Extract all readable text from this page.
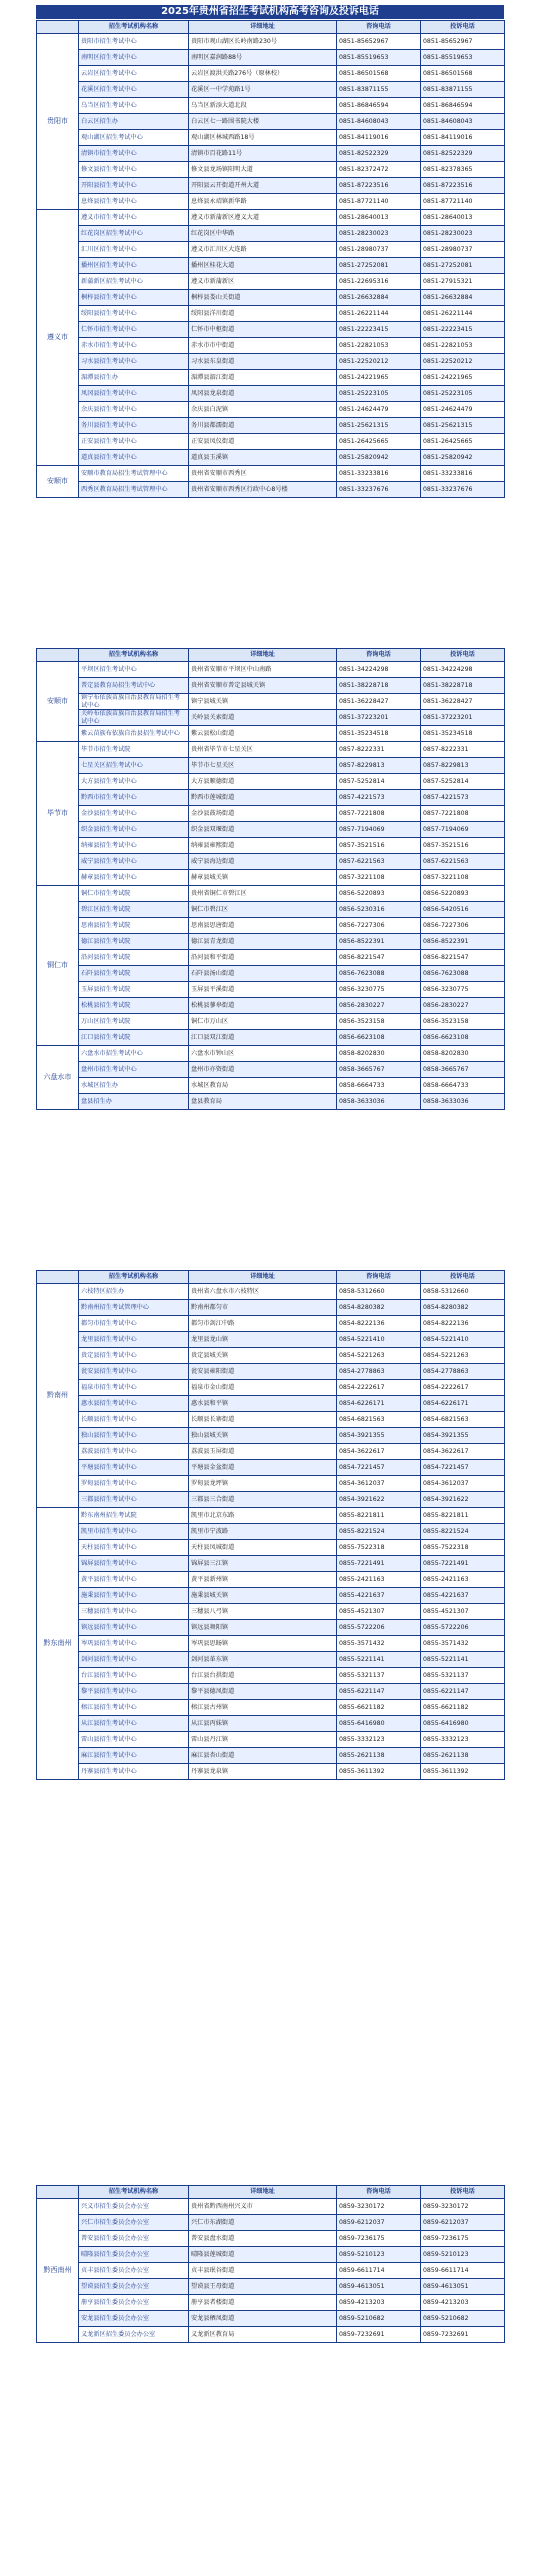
2025年贵州省招生考试机构高考咨询及投诉电话
	招生考试机构名称	详细地址	咨询电话	投诉电话
贵阳市	贵阳市招生考试中心	贵阳市观山湖区长岭南路230号	0851-85652967	0851-85652967
	南明区招生考试中心	南明区嘉润路88号	0851-85519653	0851-85519653
	云岩区招生考试中心	云岩区渡洪关路276号（原林校）	0851-86501568	0851-86501568
	花溪区招生考试中心	花溪区一中学苑路1号	0851-83871155	0851-83871155
	乌当区招生考试中心	乌当区新添大道北段	0851-86846594	0851-86846594
	白云区招生办	白云区七一路围书院大楼	0851-84608043	0851-84608043
	观山湖区招生考试中心	观山湖区林城西路18号	0851-84119016	0851-84119016
	清镇市招生考试中心	清镇市百花路11号	0851-82522329	0851-82522329
	修文县招生考试中心	修文县龙场镇阳明大道	0851-82372472	0851-82378365
	开阳县招生考试中心	开阳县云开街道开州大道	0851-87223516	0851-87223516
	息烽县招生考试中心	息烽县永靖镇新华路	0851-87721140	0851-87721140
遵义市	遵义市招生考试中心	遵义市新蒲新区遵义大道	0851-28640013	0851-28640013
	红花岗区招生考试中心	红花岗区中华路	0851-28230023	0851-28230023
	汇川区招生考试中心	遵义市汇川区大连路	0851-28980737	0851-28980737
	播州区招生考试中心	播州区桂花大道	0851-27252081	0851-27252081
	新蒲新区招生考试中心	遵义市新蒲新区	0851-22695316	0851-27915321
	桐梓县招生考试中心	桐梓县娄山关街道	0851-26632884	0851-26632884
	绥阳县招生考试中心	绥阳县洋川街道	0851-26221144	0851-26221144
	仁怀市招生考试中心	仁怀市中枢街道	0851-22223415	0851-22223415
	赤水市招生考试中心	赤水市市中街道	0851-22821053	0851-22821053
	习水县招生考试中心	习水县东皇街道	0851-22520212	0851-22520212
	湄潭县招生办	湄潭县湄江街道	0851-24221965	0851-24221965
	凤冈县招生考试中心	凤冈县龙泉街道	0851-25223105	0851-25223105
	余庆县招生考试中心	余庆县白泥镇	0851-24624479	0851-24624479
	务川县招生考试中心	务川县都濡街道	0851-25621315	0851-25621315
	正安县招生考试中心	正安县凤仪街道	0851-26425665	0851-26425665
	道真县招生考试中心	道真县玉溪镇	0851-25820942	0851-25820942
安顺市	安顺市教育局招生考试管理中心	贵州省安顺市西秀区	0851-33233816	0851-33233816
	西秀区教育局招生考试管理中心	贵州省安顺市西秀区行政中心8号楼	0851-33237676	0851-33237676
	招生考试机构名称	详细地址	咨询电话	投诉电话
安顺市	平坝区招生考试中心	贵州省安顺市平坝区中山南路	0851-34224298	0851-34224298
	普定县教育局招生考试中心	贵州省安顺市普定县城关镇	0851-38228718	0851-38228718
	镇宁布依族苗族自治县教育局招生考试中心	镇宁县城关镇	0851-36228427	0851-36228427
	关岭布依族苗族自治县教育局招生考试中心	关岭县关索街道	0851-37223201	0851-37223201
	紫云苗族布依族自治县招生考试中心	紫云县松山街道	0851-35234518	0851-35234518
毕节市	毕节市招生考试院	贵州省毕节市七星关区	0857-8222331	0857-8222331
	七星关区招生考试中心	毕节市七星关区	0857-8229813	0857-8229813
	大方县招生考试中心	大方县顺德街道	0857-5252814	0857-5252814
	黔西市招生考试中心	黔西市莲城街道	0857-4221573	0857-4221573
	金沙县招生考试中心	金沙县鼓场街道	0857-7221808	0857-7221808
	织金县招生考试中心	织金县双堰街道	0857-7194069	0857-7194069
	纳雍县招生考试中心	纳雍县雍熙街道	0857-3521516	0857-3521516
	威宁县招生考试中心	威宁县海边街道	0857-6221563	0857-6221563
	赫章县招生考试中心	赫章县城关镇	0857-3221108	0857-3221108
铜仁市	铜仁市招生考试院	贵州省铜仁市碧江区	0856-5220893	0856-5220893
	碧江区招生考试院	铜仁市碧江区	0856-5230316	0856-5420516
	思南县招生考试院	思南县思唐街道	0856-7227306	0856-7227306
	德江县招生考试院	德江县青龙街道	0856-8522391	0856-8522391
	沿河县招生考试院	沿河县和平街道	0856-8221547	0856-8221547
	石阡县招生考试院	石阡县汤山街道	0856-7623088	0856-7623088
	玉屏县招生考试院	玉屏县平溪街道	0856-3230775	0856-3230775
	松桃县招生考试院	松桃县蓼皋街道	0856-2830227	0856-2830227
	万山区招生考试院	铜仁市万山区	0856-3523158	0856-3523158
	江口县招生考试院	江口县双江街道	0856-6623108	0856-6623108
六盘水市	六盘水市招生考试中心	六盘水市钟山区	0858-8202830	0858-8202830
	盘州市招生考试中心	盘州市亦资街道	0858-3665767	0858-3665767
	水城区招生办	水城区教育局	0858-6664733	0858-6664733
	盘县招生办	盘县教育局	0858-3633036	0858-3633036
	招生考试机构名称	详细地址	咨询电话	投诉电话
黔南州	六枝特区招生办	贵州省六盘水市六枝特区	0858-5312660	0858-5312660
	黔南州招生考试管理中心	黔南州都匀市	0854-8280382	0854-8280382
	都匀市招生考试中心	都匀市剑江中路	0854-8222136	0854-8222136
	龙里县招生考试中心	龙里县龙山镇	0854-5221410	0854-5221410
	贵定县招生考试中心	贵定县城关镇	0854-5221263	0854-5221263
	瓮安县招生考试中心	瓮安县雍阳街道	0854-2778863	0854-2778863
	福泉市招生考试中心	福泉市金山街道	0854-2222617	0854-2222617
	惠水县招生考试中心	惠水县和平镇	0854-6226171	0854-6226171
	长顺县招生考试中心	长顺县长寨街道	0854-6821563	0854-6821563
	独山县招生考试中心	独山县城关镇	0854-3921355	0854-3921355
	荔波县招生考试中心	荔波县玉屏街道	0854-3622617	0854-3622617
	平塘县招生考试中心	平塘县金盆街道	0854-7221457	0854-7221457
	罗甸县招生考试中心	罗甸县龙坪镇	0854-3612037	0854-3612037
	三都县招生考试中心	三都县三合街道	0854-3921622	0854-3921622
黔东南州	黔东南州招生考试院	凯里市北京东路	0855-8221811	0855-8221811
	凯里市招生考试中心	凯里市宁波路	0855-8221524	0855-8221524
	天柱县招生考试中心	天柱县凤城街道	0855-7522318	0855-7522318
	锦屏县招生考试中心	锦屏县三江镇	0855-7221491	0855-7221491
	黄平县招生考试中心	黄平县新州镇	0855-2421163	0855-2421163
	施秉县招生考试中心	施秉县城关镇	0855-4221637	0855-4221637
	三穗县招生考试中心	三穗县八弓镇	0855-4521307	0855-4521307
	镇远县招生考试中心	镇远县舞阳镇	0855-5722206	0855-5722206
	岑巩县招生考试中心	岑巩县思旸镇	0855-3571432	0855-3571432
	剑河县招生考试中心	剑河县革东镇	0855-5221141	0855-5221141
	台江县招生考试中心	台江县台拱街道	0855-5321137	0855-5321137
	黎平县招生考试中心	黎平县德凤街道	0855-6221147	0855-6221147
	榕江县招生考试中心	榕江县古州镇	0855-6621182	0855-6621182
	从江县招生考试中心	从江县丙妹镇	0855-6416980	0855-6416980
	雷山县招生考试中心	雷山县丹江镇	0855-3332123	0855-3332123
	麻江县招生考试中心	麻江县杏山街道	0855-2621138	0855-2621138
	丹寨县招生考试中心	丹寨县龙泉镇	0855-3611392	0855-3611392
	招生考试机构名称	详细地址	咨询电话	投诉电话
黔西南州	兴义市招生委员会办公室	贵州省黔西南州兴义市	0859-3230172	0859-3230172
	兴仁市招生委员会办公室	兴仁市东湖街道	0859-6212037	0859-6212037
	普安县招生委员会办公室	普安县盘水街道	0859-7236175	0859-7236175
	晴隆县招生委员会办公室	晴隆县莲城街道	0859-5210123	0859-5210123
	贞丰县招生委员会办公室	贞丰县珉谷街道	0859-6611714	0859-6611714
	望谟县招生委员会办公室	望谟县王母街道	0859-4613051	0859-4613051
	册亨县招生委员会办公室	册亨县者楼街道	0859-4213203	0859-4213203
	安龙县招生委员会办公室	安龙县栖凤街道	0859-5210682	0859-5210682
	义龙新区招生委员会办公室	义龙新区教育局	0859-7232691	0859-7232691
